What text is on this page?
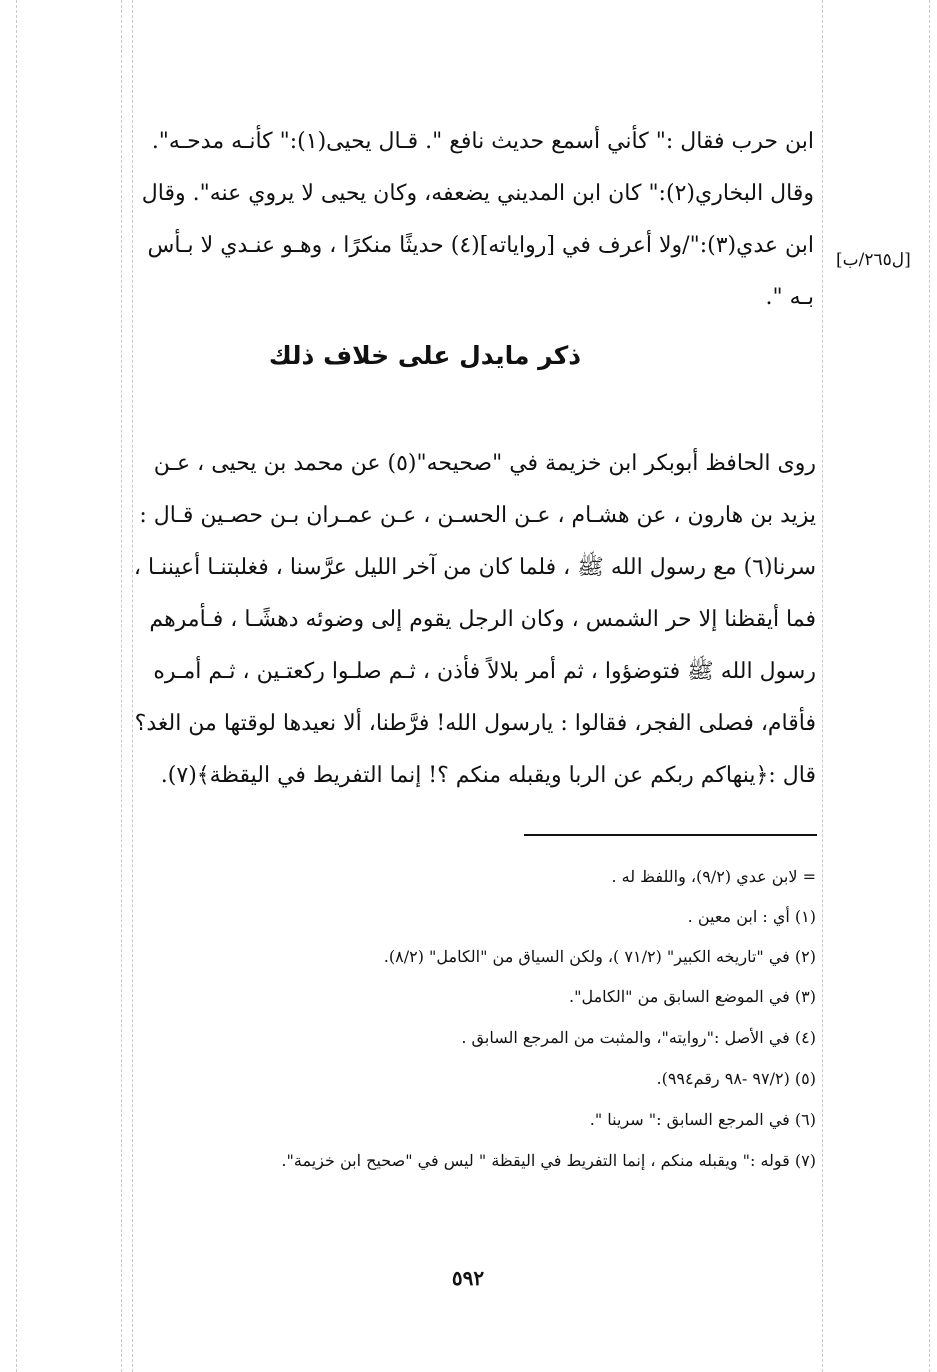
ابن حرب فقال :" كأني أسمع حديث نافع ". قـال يحيى(١):" كأنـه مدحـه".
وقال البخاري(٢):" كان ابن المديني يضعفه، وكان يحيى لا يروي عنه". وقال
ابن عدي(٣):"/ولا أعرف في [رواياته](٤) حديثًا منكرًا ، وهـو عنـدي لا بـأس
بـه ".
[ل٢٦٥/ب]
ذكر مايدل على خلاف ذلك
روى الحافظ أبوبكر ابن خزيمة في "صحيحه"(٥) عن محمد بن يحيى ، عـن
يزيد بن هارون ، عن هشـام ، عـن الحسـن ، عـن عمـران بـن حصـين قـال :
سرنا(٦) مع رسول الله ﷺ ، فلما كان من آخر الليل عرَّسنا ، فغلبتنـا أعيننـا ،
فما أيقظنا إلا حر الشمس ، وكان الرجل يقوم إلى وضوئه دهشًـا ، فـأمرهم
رسول الله ﷺ فتوضؤوا ، ثم أمر بلالاً فأذن ، ثـم صلـوا ركعتـين ، ثـم أمـره
فأقام، فصلى الفجر، فقالوا : يارسول الله! فرَّطنا، ألا نعيدها لوقتها من الغد؟
قال :﴿ينهاكم ربكم عن الربا ويقبله منكم ؟! إنما التفريط في اليقظة﴾(٧).
= لابن عدي (٩/٢)، واللفظ له .
(١) أي : ابن معين .
(٢) في "تاريخه الكبير" (٧١/٢ )، ولكن السياق من "الكامل" (٨/٢).
(٣) في الموضع السابق من "الكامل".
(٤) في الأصل :"روايته"، والمثبت من المرجع السابق .
(٥) (٩٧/٢ -٩٨ رقم٩٩٤).
(٦) في المرجع السابق :" سرينا ".
(٧) قوله :" ويقبله منكم ، إنما التفريط في اليقظة " ليس في "صحيح ابن خزيمة".
٥٩٢
